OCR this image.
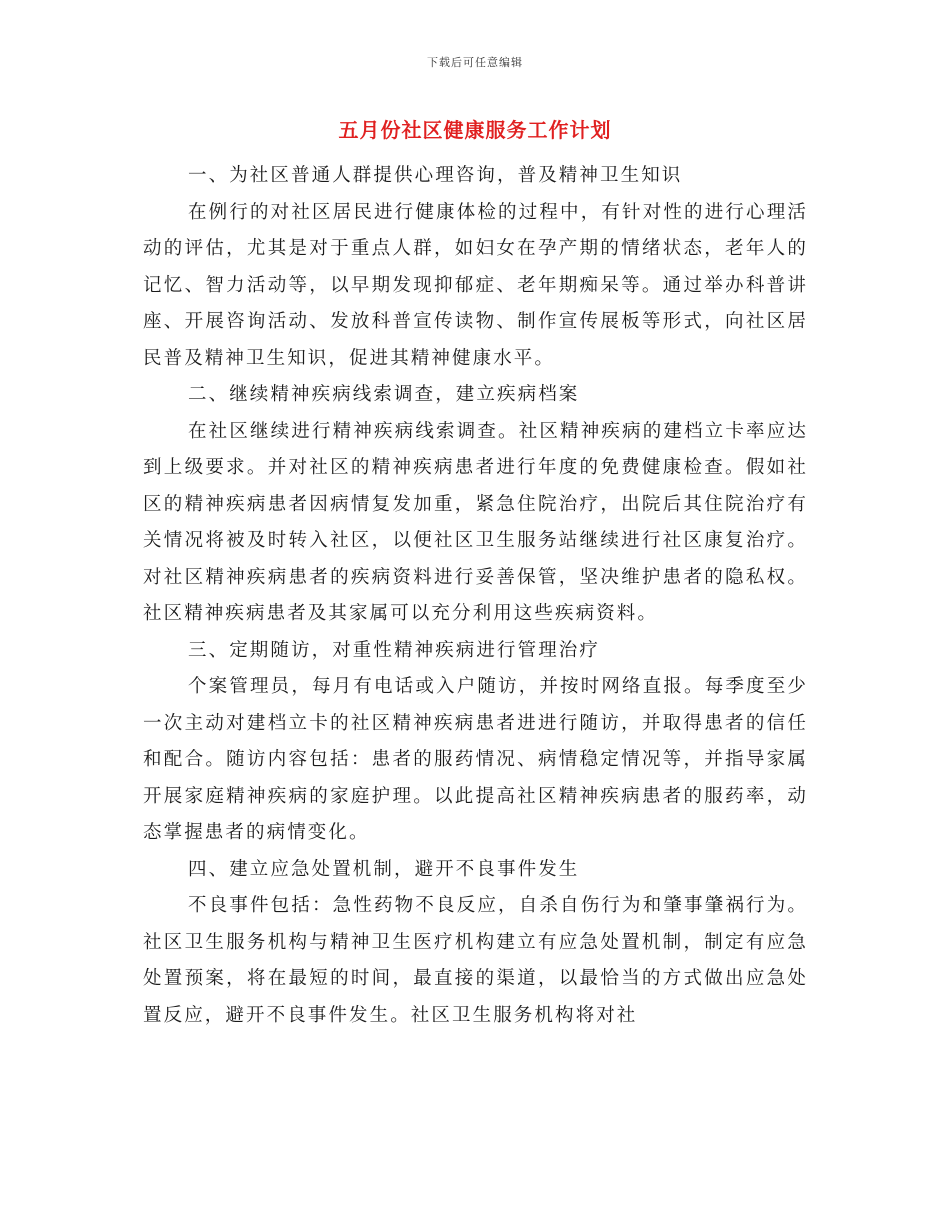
下载后可任意编辑
五月份社区健康服务工作计划

一、为社区普通人群提供心理咨询，普及精神卫生知识

在例行的对社区居民进行健康体检的过程中，有针对性的进行心理活动的评估，尤其是对于重点人群，如妇女在孕产期的情绪状态，老年人的记忆、智力活动等，以早期发现抑郁症、老年期痴呆等。通过举办科普讲座、开展咨询活动、发放科普宣传读物、制作宣传展板等形式，向社区居民普及精神卫生知识，促进其精神健康水平。

二、继续精神疾病线索调查，建立疾病档案

在社区继续进行精神疾病线索调查。社区精神疾病的建档立卡率应达到上级要求。并对社区的精神疾病患者进行年度的免费健康检查。假如社区的精神疾病患者因病情复发加重，紧急住院治疗，出院后其住院治疗有关情况将被及时转入社区，以便社区卫生服务站继续进行社区康复治疗。对社区精神疾病患者的疾病资料进行妥善保管，坚决维护患者的隐私权。社区精神疾病患者及其家属可以充分利用这些疾病资料。

三、定期随访，对重性精神疾病进行管理治疗

个案管理员，每月有电话或入户随访，并按时网络直报。每季度至少一次主动对建档立卡的社区精神疾病患者进进行随访，并取得患者的信任和配合。随访内容包括：患者的服药情况、病情稳定情况等，并指导家属开展家庭精神疾病的家庭护理。以此提高社区精神疾病患者的服药率，动态掌握患者的病情变化。

四、建立应急处置机制，避开不良事件发生

不良事件包括：急性药物不良反应，自杀自伤行为和肇事肇祸行为。社区卫生服务机构与精神卫生医疗机构建立有应急处置机制，制定有应急处置预案，将在最短的时间，最直接的渠道，以最恰当的方式做出应急处置反应，避开不良事件发生。社区卫生服务机构将对社
